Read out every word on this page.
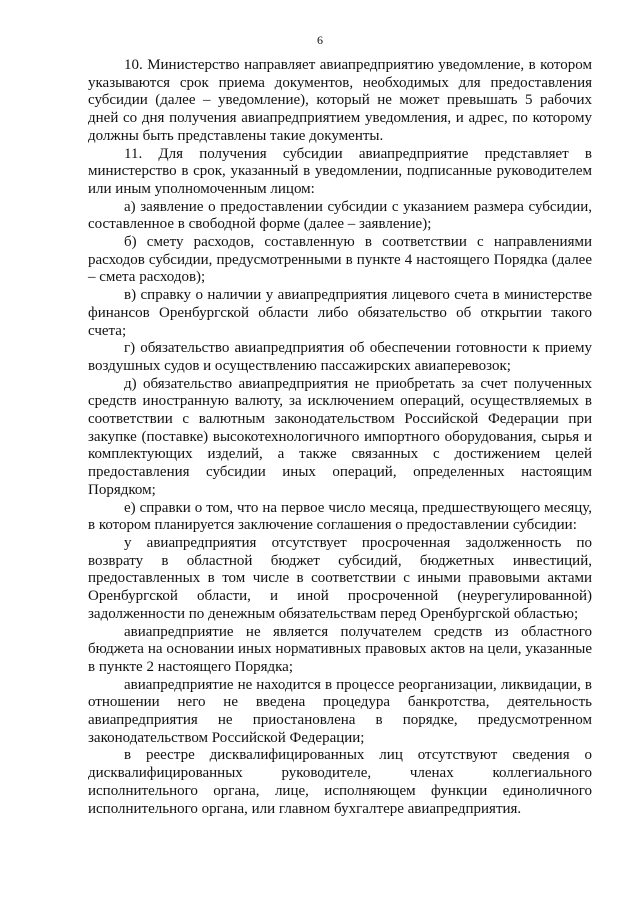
6

10. Министерство направляет авиапредприятию уведомление, в котором указываются срок приема документов, необходимых для предоставления субсидии (далее – уведомление), который не может превышать 5 рабочих дней со дня получения авиапредприятием уведомления, и адрес, по которому должны быть представлены такие документы.

11. Для получения субсидии авиапредприятие представляет в министерство в срок, указанный в уведомлении, подписанные руководителем или иным уполномоченным лицом:

а) заявление о предоставлении субсидии с указанием размера субсидии, составленное в свободной форме (далее – заявление);

б) смету расходов, составленную в соответствии с направлениями расходов субсидии, предусмотренными в пункте 4 настоящего Порядка (далее – смета расходов);

в) справку о наличии у авиапредприятия лицевого счета в министерстве финансов Оренбургской области либо обязательство об открытии такого счета;

г) обязательство авиапредприятия об обеспечении готовности к приему воздушных судов и осуществлению пассажирских авиаперевозок;

д) обязательство авиапредприятия не приобретать за счет полученных средств иностранную валюту, за исключением операций, осуществляемых в соответствии с валютным законодательством Российской Федерации при закупке (поставке) высокотехнологичного импортного оборудования, сырья и комплектующих изделий, а также связанных с достижением целей предоставления субсидии иных операций, определенных настоящим Порядком;

е) справки о том, что на первое число месяца, предшествующего месяцу, в котором планируется заключение соглашения о предоставлении субсидии:

у авиапредприятия отсутствует просроченная задолженность по возврату в областной бюджет субсидий, бюджетных инвестиций, предоставленных в том числе в соответствии с иными правовыми актами Оренбургской области, и иной просроченной (неурегулированной) задолженности по денежным обязательствам перед Оренбургской областью;

авиапредприятие не является получателем средств из областного бюджета на основании иных нормативных правовых актов на цели, указанные в пункте 2 настоящего Порядка;

авиапредприятие не находится в процессе реорганизации, ликвидации, в отношении него не введена процедура банкротства, деятельность авиапредприятия не приостановлена в порядке, предусмотренном законодательством Российской Федерации;

в реестре дисквалифицированных лиц отсутствуют сведения о дисквалифицированных руководителе, членах коллегиального исполнительного органа, лице, исполняющем функции единоличного исполнительного органа, или главном бухгалтере авиапредприятия.
